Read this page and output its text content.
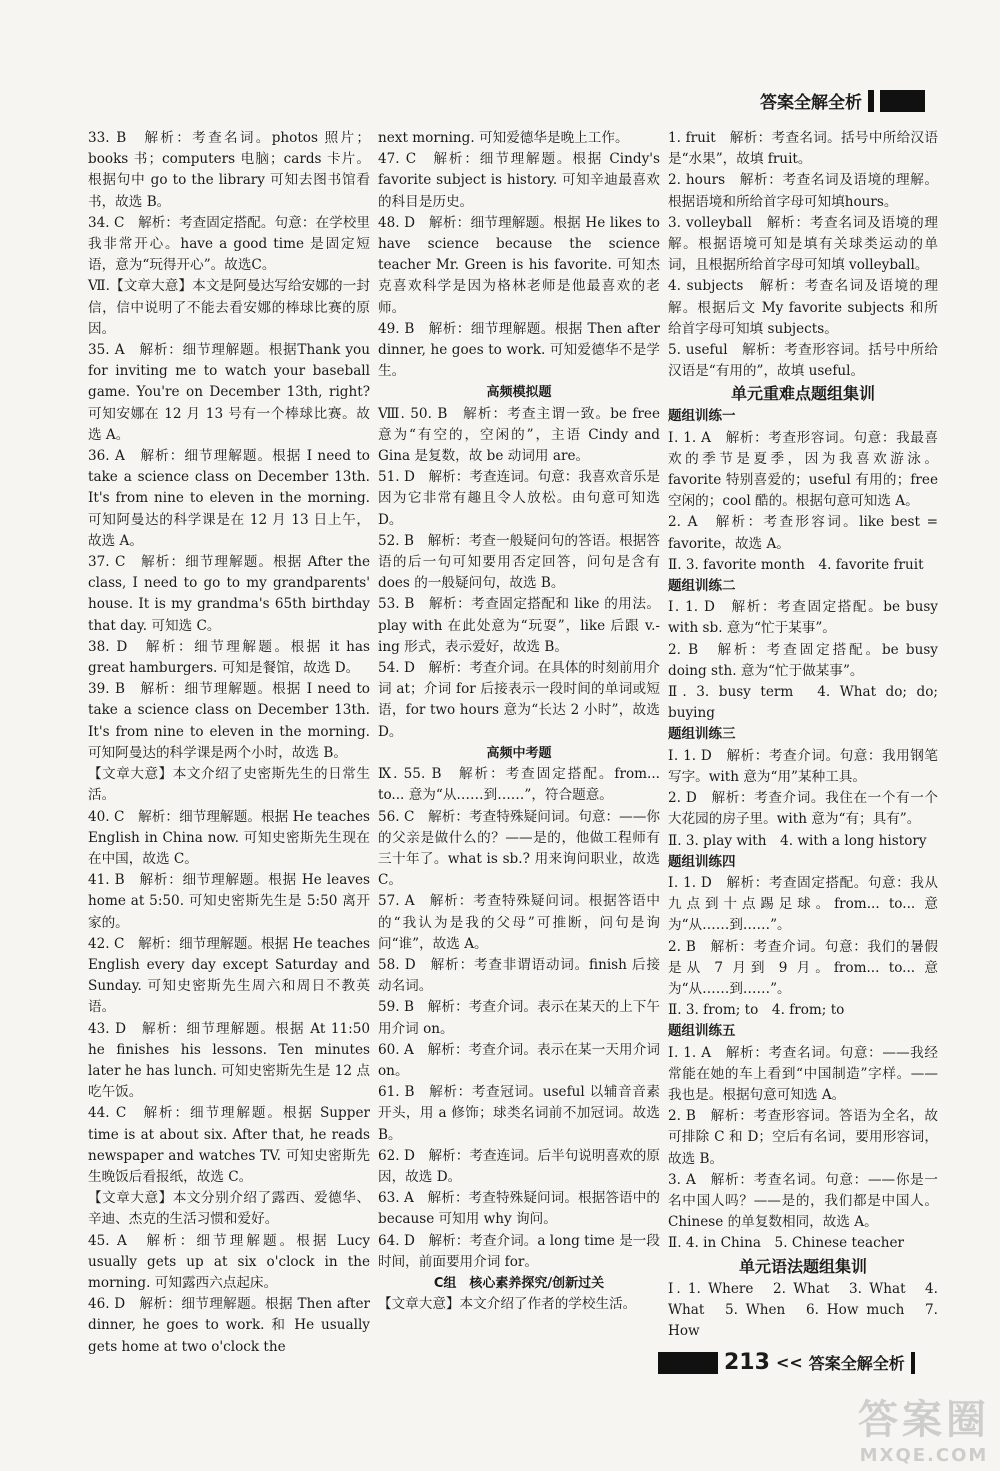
答案全解全析

33. B　解析：考查名词。photos 照片；books 书；computers 电脑；cards 卡片。根据句中 go to the library 可知去图书馆看书，故选 B。

34. C　解析：考查固定搭配。句意：在学校里我非常开心。have a good time 是固定短语，意为“玩得开心”。故选C。

Ⅶ.【文章大意】本文是阿曼达写给安娜的一封信，信中说明了不能去看安娜的棒球比赛的原因。

35. A　解析：细节理解题。根据Thank you for inviting me to watch your baseball game. You're on December 13th, right? 可知安娜在 12 月 13 号有一个棒球比赛。故选 A。

36. A　解析：细节理解题。根据 I need to take a science class on December 13th. It's from nine to eleven in the morning. 可知阿曼达的科学课是在 12 月 13 日上午，故选 A。

37. C　解析：细节理解题。根据 After the class, I need to go to my grandparents' house. It is my grandma's 65th birthday that day. 可知选 C。

38. D　解析：细节理解题。根据 it has great hamburgers. 可知是餐馆，故选 D。

39. B　解析：细节理解题。根据 I need to take a science class on December 13th. It's from nine to eleven in the morning. 可知阿曼达的科学课是两个小时，故选 B。

【文章大意】本文介绍了史密斯先生的日常生活。

40. C　解析：细节理解题。根据 He teaches English in China now. 可知史密斯先生现在在中国，故选 C。

41. B　解析：细节理解题。根据 He leaves home at 5:50. 可知史密斯先生是 5:50 离开家的。

42. C　解析：细节理解题。根据 He teaches English every day except Saturday and Sunday. 可知史密斯先生周六和周日不教英语。

43. D　解析：细节理解题。根据 At 11:50 he finishes his lessons. Ten minutes later he has lunch. 可知史密斯先生是 12 点吃午饭。

44. C　解析：细节理解题。根据 Supper time is at about six. After that, he reads newspaper and watches TV. 可知史密斯先生晚饭后看报纸，故选 C。

【文章大意】本文分别介绍了露西、爱德华、辛迪、杰克的生活习惯和爱好。

45. A　解析：细节理解题。根据 Lucy usually gets up at six o'clock in the morning. 可知露西六点起床。

46. D　解析：细节理解题。根据 Then after dinner, he goes to work. 和 He usually gets home at two o'clock the

next morning. 可知爱德华是晚上工作。

47. C　解析：细节理解题。根据 Cindy's favorite subject is history. 可知辛迪最喜欢的科目是历史。

48. D　解析：细节理解题。根据 He likes to have science because the science teacher Mr. Green is his favorite. 可知杰克喜欢科学是因为格林老师是他最喜欢的老师。

49. B　解析：细节理解题。根据 Then after dinner, he goes to work. 可知爱德华不是学生。

高频模拟题

Ⅷ. 50. B　解析：考查主谓一致。be free 意为“有空的，空闲的”，主语 Cindy and Gina 是复数，故 be 动词用 are。

51. D　解析：考查连词。句意：我喜欢音乐是因为它非常有趣且令人放松。由句意可知选 D。

52. B　解析：考查一般疑问句的答语。根据答语的后一句可知要用否定回答，问句是含有 does 的一般疑问句，故选 B。

53. B　解析：考查固定搭配和 like 的用法。play with 在此处意为“玩耍”，like 后跟 v.-ing 形式，表示爱好，故选 B。

54. D　解析：考查介词。在具体的时刻前用介词 at；介词 for 后接表示一段时间的单词或短语，for two hours 意为“长达 2 小时”，故选 D。

高频中考题

Ⅸ. 55. B　解析：考查固定搭配。from... to... 意为“从……到……”，符合题意。

56. C　解析：考查特殊疑问词。句意：——你的父亲是做什么的？——是的，他做工程师有三十年了。what is sb.? 用来询问职业，故选 C。

57. A　解析：考查特殊疑问词。根据答语中的“我认为是我的父母”可推断，问句是询问“谁”，故选 A。

58. D　解析：考查非谓语动词。finish 后接动名词。

59. B　解析：考查介词。表示在某天的上下午用介词 on。

60. A　解析：考查介词。表示在某一天用介词 on。

61. B　解析：考查冠词。useful 以辅音音素开头，用 a 修饰；球类名词前不加冠词。故选 B。

62. D　解析：考查连词。后半句说明喜欢的原因，故选 D。

63. A　解析：考查特殊疑问词。根据答语中的 because 可知用 why 询问。

64. D　解析：考查介词。a long time 是一段时间，前面要用介词 for。

C组　核心素养探究/创新过关

【文章大意】本文介绍了作者的学校生活。

1. fruit　解析：考查名词。括号中所给汉语是“水果”，故填 fruit。

2. hours　解析：考查名词及语境的理解。根据语境和所给首字母可知填hours。

3. volleyball　解析：考查名词及语境的理解。根据语境可知是填有关球类运动的单词，且根据所给首字母可知填 volleyball。

4. subjects　解析：考查名词及语境的理解。根据后文 My favorite subjects 和所给首字母可知填 subjects。

5. useful　解析：考查形容词。括号中所给汉语是“有用的”，故填 useful。

单元重难点题组集训

题组训练一

Ⅰ. 1. A　解析：考查形容词。句意：我最喜欢的季节是夏季，因为我喜欢游泳。favorite 特别喜爱的；useful 有用的；free 空闲的；cool 酷的。根据句意可知选 A。

2. A　解析：考查形容词。like best = favorite，故选 A。

Ⅱ. 3. favorite month　4. favorite fruit

题组训练二

Ⅰ. 1. D　解析：考查固定搭配。be busy with sb. 意为“忙于某事”。

2. B　解析：考查固定搭配。be busy doing sth. 意为“忙于做某事”。

Ⅱ. 3. busy term　4. What do; do; buying

题组训练三

Ⅰ. 1. D　解析：考查介词。句意：我用钢笔写字。with 意为“用”某种工具。

2. D　解析：考查介词。我住在一个有一个大花园的房子里。with 意为“有；具有”。

Ⅱ. 3. play with　4. with a long history

题组训练四

Ⅰ. 1. D　解析：考查固定搭配。句意：我从九点到十点踢足球。from... to... 意为“从……到……”。

2. B　解析：考查介词。句意：我们的暑假是从 7 月到 9 月。from... to... 意为“从……到……”。

Ⅱ. 3. from; to　4. from; to

题组训练五

Ⅰ. 1. A　解析：考查名词。句意：——我经常能在她的车上看到“中国制造”字样。——我也是。根据句意可知选 A。

2. B　解析：考查形容词。答语为全名，故可排除 C 和 D；空后有名词，要用形容词，故选 B。

3. A　解析：考查名词。句意：——你是一名中国人吗？——是的，我们都是中国人。Chinese 的单复数相同，故选 A。

Ⅱ. 4. in China　5. Chinese teacher

单元语法题组集训

Ⅰ. 1. Where　2. What　3. What　4. What　5. When　6. How much　7. How

213 << 答案全解全析
答案圈
MXQE.COM
